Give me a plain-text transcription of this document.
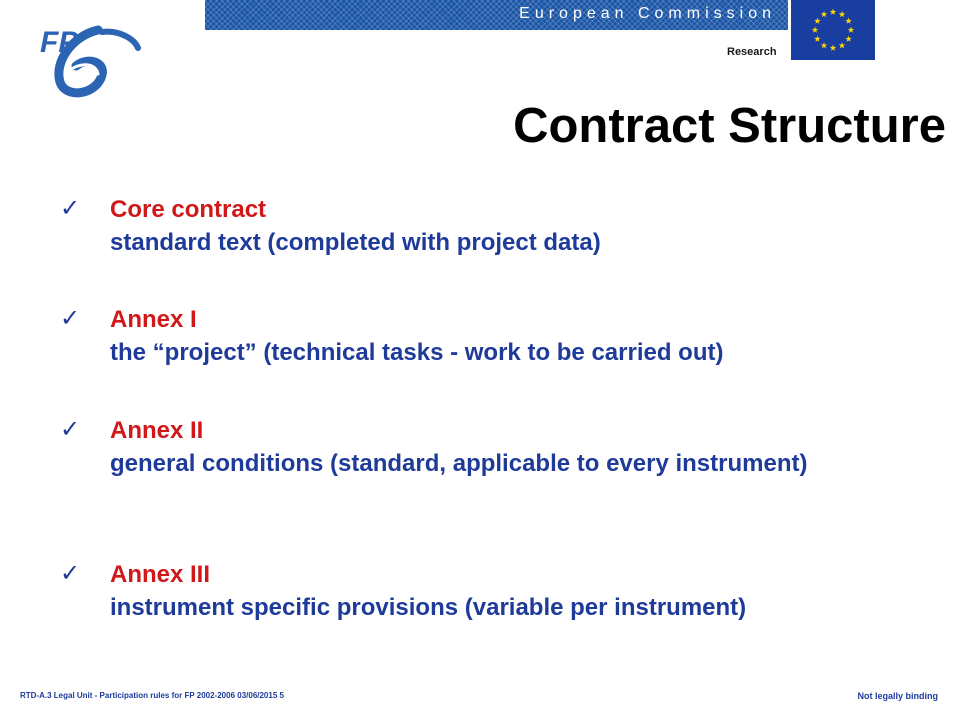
European Commission
Research
FP
Contract Structure
✓	Core contract
standard text (completed with project data)
✓	Annex I
the “project” (technical tasks - work to be carried out)
✓	Annex II
general conditions (standard, applicable to every instrument)
✓	Annex III
instrument specific provisions (variable per instrument)
RTD-A.3 Legal Unit - Participation rules for FP 2002-2006 03/06/2015 5	Not legally binding
